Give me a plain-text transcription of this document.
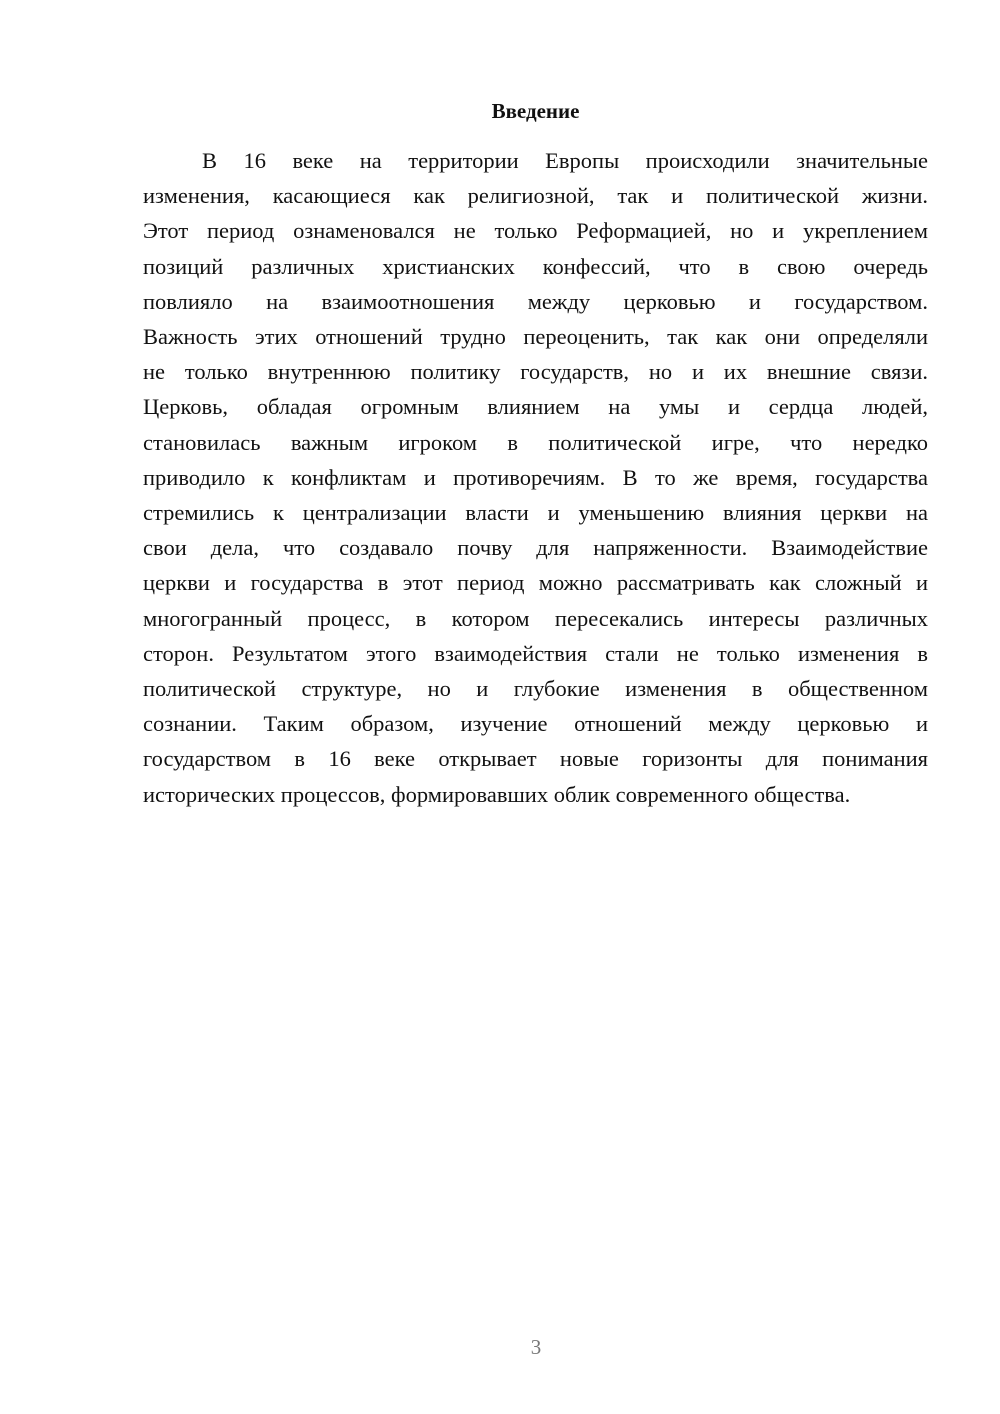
Введение

В 16 веке на территории Европы происходили значительные
изменения, касающиеся как религиозной, так и политической жизни.
Этот период ознаменовался не только Реформацией, но и укреплением
позиций различных христианских конфессий, что в свою очередь
повлияло на взаимоотношения между церковью и государством.
Важность этих отношений трудно переоценить, так как они определяли
не только внутреннюю политику государств, но и их внешние связи.
Церковь, обладая огромным влиянием на умы и сердца людей,
становилась важным игроком в политической игре, что нередко
приводило к конфликтам и противоречиям. В то же время, государства
стремились к централизации власти и уменьшению влияния церкви на
свои дела, что создавало почву для напряженности. Взаимодействие
церкви и государства в этот период можно рассматривать как сложный и
многогранный процесс, в котором пересекались интересы различных
сторон. Результатом этого взаимодействия стали не только изменения в
политической структуре, но и глубокие изменения в общественном
сознании. Таким образом, изучение отношений между церковью и
государством в 16 веке открывает новые горизонты для понимания
исторических процессов, формировавших облик современного общества.

3
